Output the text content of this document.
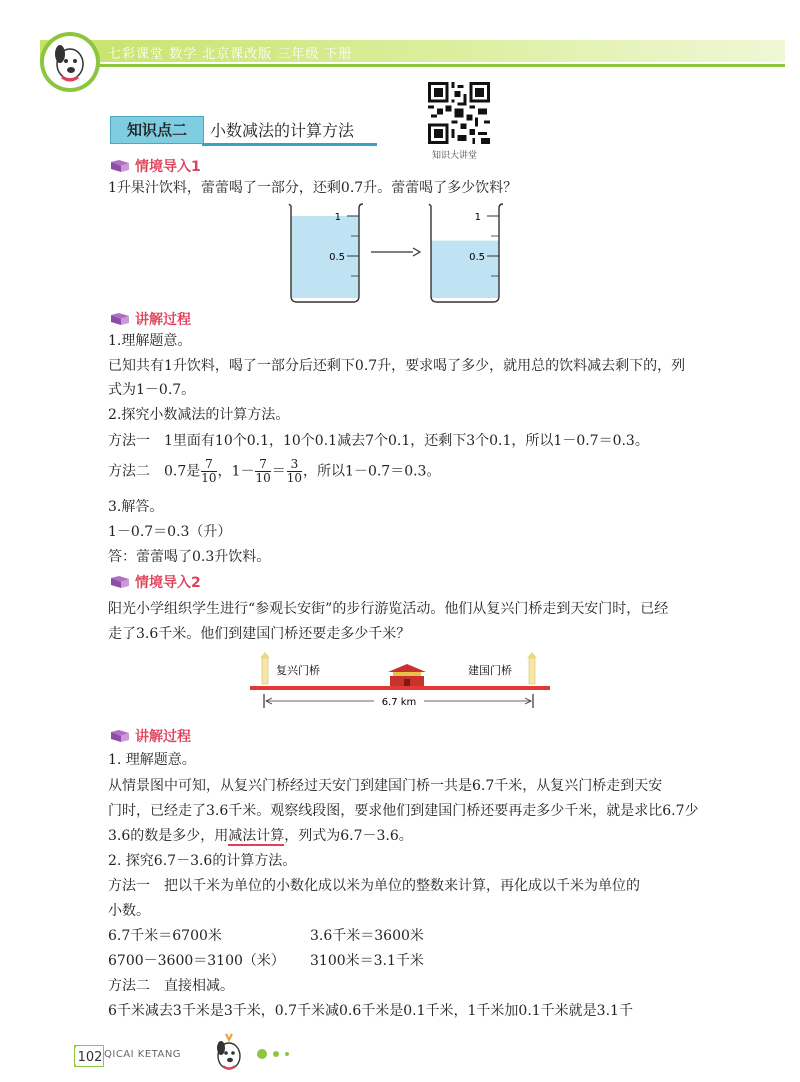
七彩课堂 数学 北京课改版 三年级 下册
知识点二	小数减法的计算方法
知识大讲堂
情境导入1
1升果汁饮料，蕾蕾喝了一部分，还剩0.7升。蕾蕾喝了多少饮料？
1
0.5
1
0.5
讲解过程
1.理解题意。
已知共有1升饮料，喝了一部分后还剩下0.7升，要求喝了多少，就用总的饮料减去剩下的，列
式为1－0.7。
2.探究小数减法的计算方法。
方法一　1里面有10个0.1，10个0.1减去7个0.1，还剩下3个0.1，所以1－0.7＝0.3。
方法二　0.7是 $\frac{7}{10}$ ，$1- \frac{7}{10} = \frac{3}{10}$ ，所以1－0.7＝0.3。
3.解答。
1－0.7＝0.3（升）
答：蕾蕾喝了0.3升饮料。
情境导入2
阳光小学组织学生进行“参观长安街”的步行游览活动。他们从复兴门桥走到天安门时，已经
走了3.6千米。他们到建国门桥还要走多少千米？
复兴门桥	建国门桥
6.7 km
讲解过程
1. 理解题意。
从情景图中可知，从复兴门桥经过天安门到建国门桥一共是6.7千米，从复兴门桥走到天安
门时，已经走了3.6千米。观察线段图，要求他们到建国门桥还要再走多少千米，就是求比6.7少
3.6的数是多少，用减法计算，列式为6.7－3.6。
2. 探究6.7－3.6的计算方法。
方法一　把以千米为单位的小数化成以米为单位的整数来计算，再化成以千米为单位的
小数。
6.7千米＝6700米	3.6千米＝3600米
6700－3600＝3100（米） 3100米＝3.1千米
方法二　直接相减。
6千米减去3千米是3千米，0.7千米减0.6千米是0.1千米，1千米加0.1千米就是3.1千
102 QICAI KETANG
